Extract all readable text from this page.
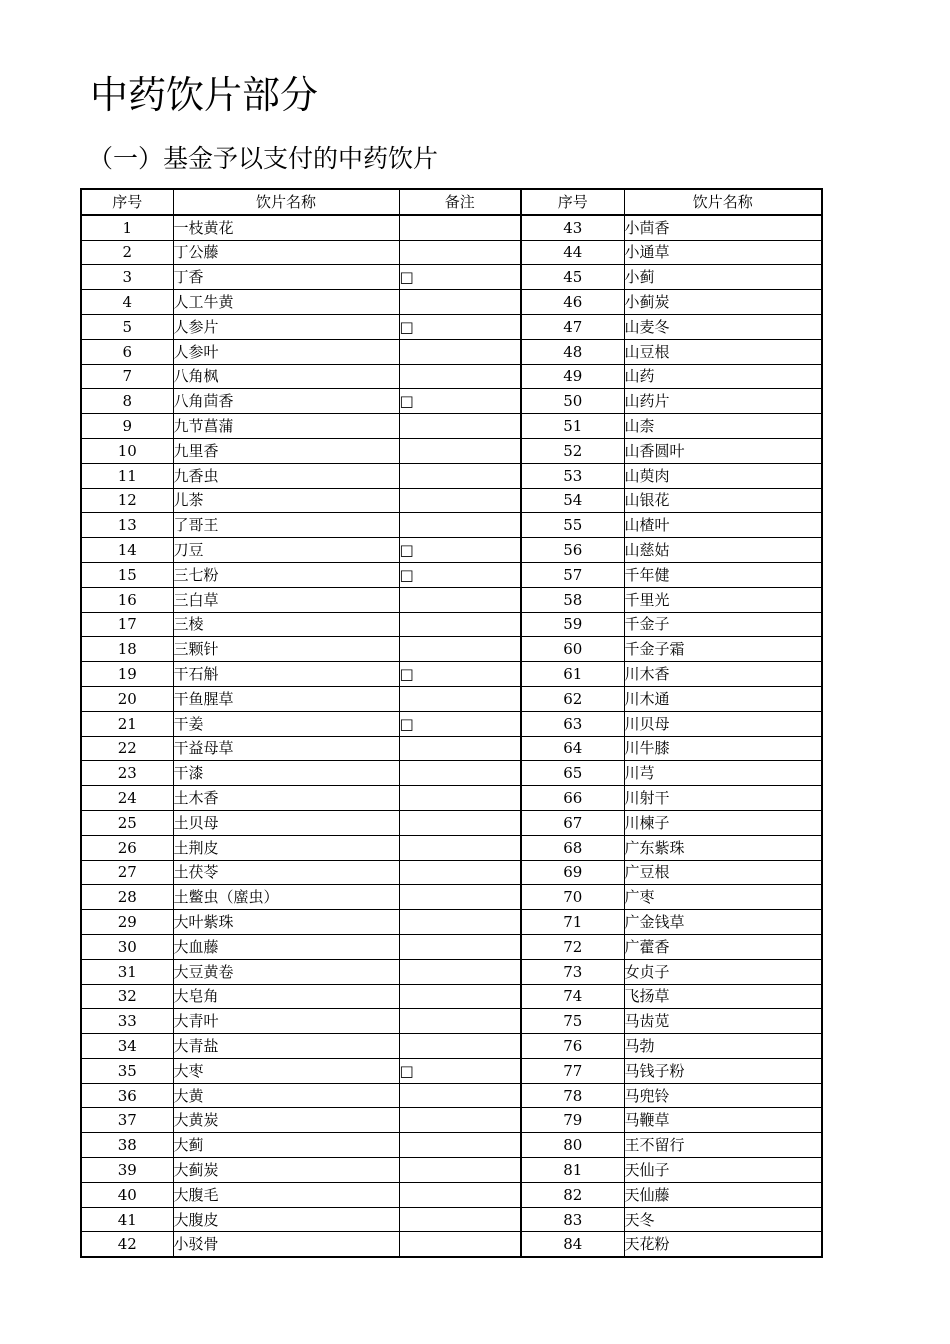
中药饮片部分
（一）基金予以支付的中药饮片
序号	饮片名称	备注	序号	饮片名称
1	一枝黄花		43	小茴香
2	丁公藤		44	小通草
3	丁香	□	45	小蓟
4	人工牛黄		46	小蓟炭
5	人参片	□	47	山麦冬
6	人参叶		48	山豆根
7	八角枫		49	山药
8	八角茴香	□	50	山药片
9	九节菖蒲		51	山柰
10	九里香		52	山香圆叶
11	九香虫		53	山萸肉
12	儿茶		54	山银花
13	了哥王		55	山楂叶
14	刀豆	□	56	山慈姑
15	三七粉	□	57	千年健
16	三白草		58	千里光
17	三棱		59	千金子
18	三颗针		60	千金子霜
19	干石斛	□	61	川木香
20	干鱼腥草		62	川木通
21	干姜	□	63	川贝母
22	干益母草		64	川牛膝
23	干漆		65	川芎
24	土木香		66	川射干
25	土贝母		67	川楝子
26	土荆皮		68	广东紫珠
27	土茯苓		69	广豆根
28	土鳖虫（䗪虫）		70	广枣
29	大叶紫珠		71	广金钱草
30	大血藤		72	广藿香
31	大豆黄卷		73	女贞子
32	大皂角		74	飞扬草
33	大青叶		75	马齿苋
34	大青盐		76	马勃
35	大枣	□	77	马钱子粉
36	大黄		78	马兜铃
37	大黄炭		79	马鞭草
38	大蓟		80	王不留行
39	大蓟炭		81	天仙子
40	大腹毛		82	天仙藤
41	大腹皮		83	天冬
42	小驳骨		84	天花粉
